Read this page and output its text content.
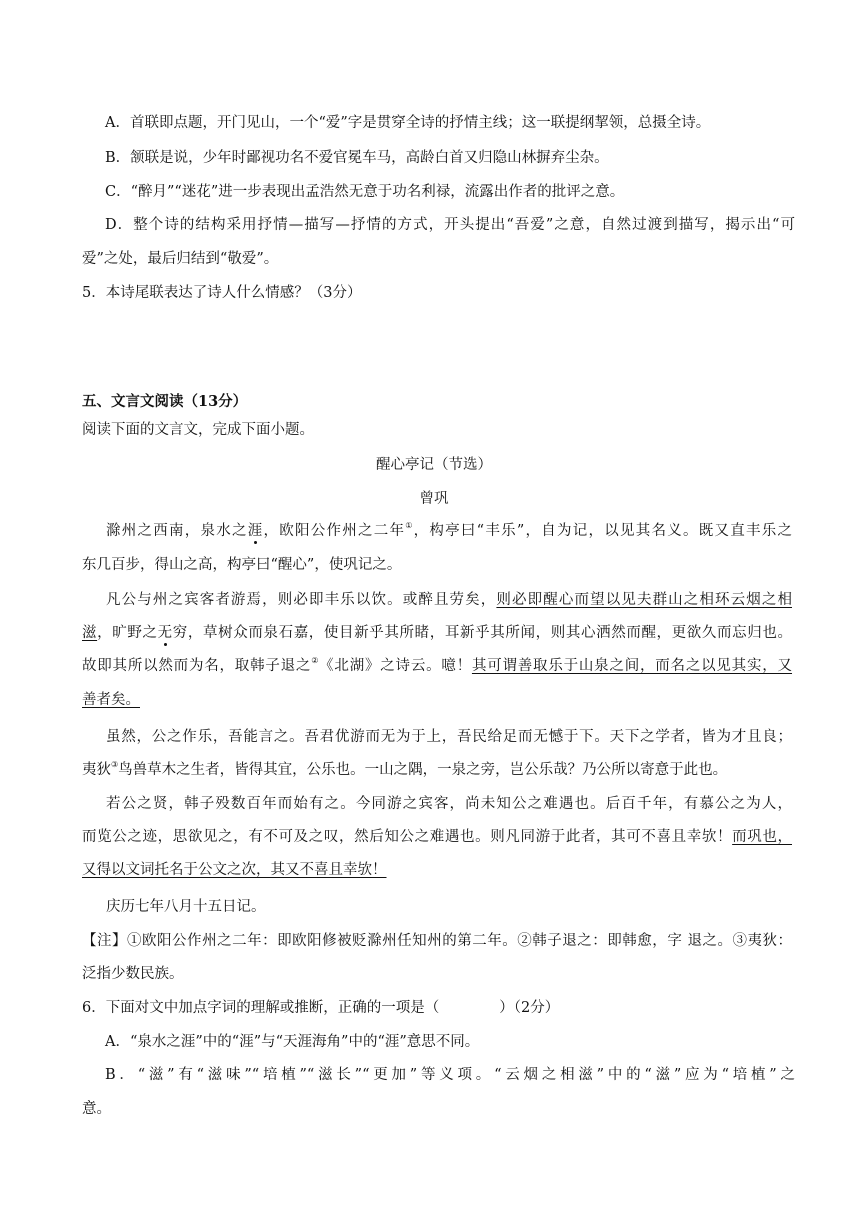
A．首联即点题，开门见山，一个“爱”字是贯穿全诗的抒情主线；这一联提纲挈领，总摄全诗。
B．颔联是说，少年时鄙视功名不爱官冕车马，高龄白首又归隐山林摒弃尘杂。
C．“醉月”“迷花”进一步表现出孟浩然无意于功名利禄，流露出作者的批评之意。
D．整个诗的结构采用抒情—描写—抒情的方式，开头提出“吾爱”之意，自然过渡到描写，揭示出“可
爱”之处，最后归结到“敬爱”。
5．本诗尾联表达了诗人什么情感？（3分）
五、文言文阅读（13分）
阅读下面的文言文，完成下面小题。
醒心亭记（节选）
曾巩
滁州之西南，泉水之涯，欧阳公作州之二年①，构亭曰“丰乐”，自为记，以见其名义。既又直丰乐之
东几百步，得山之高，构亭曰“醒心”，使巩记之。
凡公与州之宾客者游焉，则必即丰乐以饮。或醉且劳矣，则必即醒心而望以见夫群山之相环云烟之相
滋，旷野之无穷，草树众而泉石嘉，使目新乎其所睹，耳新乎其所闻，则其心洒然而醒，更欲久而忘归也。
故即其所以然而为名，取韩子退之②《北湖》之诗云。噫！其可谓善取乐于山泉之间，而名之以见其实，又
善者矣。
虽然，公之作乐，吾能言之。吾君优游而无为于上，吾民给足而无憾于下。天下之学者，皆为才且良；
夷狄③鸟兽草木之生者，皆得其宜，公乐也。一山之隅，一泉之旁，岂公乐哉？乃公所以寄意于此也。
若公之贤，韩子殁数百年而始有之。今同游之宾客，尚未知公之难遇也。后百千年，有慕公之为人，
而览公之迹，思欲见之，有不可及之叹，然后知公之难遇也。则凡同游于此者，其可不喜且幸欤！而巩也，
又得以文词托名于公文之次，其又不喜且幸欤！
庆历七年八月十五日记。
【注】①欧阳公作州之二年：即欧阳修被贬滁州任知州的第二年。②韩子退之：即韩愈，字 退之。③夷狄：
泛指少数民族。
6．下面对文中加点字词的理解或推断，正确的一项是（	）（2分）
A．“泉水之涯”中的“涯”与“天涯海角”中的“涯”意思不同。
B．“滋”有“滋味”“培植”“滋长”“更加”等义项。“云烟之相滋”中的“滋”应为“培植”之
意。
